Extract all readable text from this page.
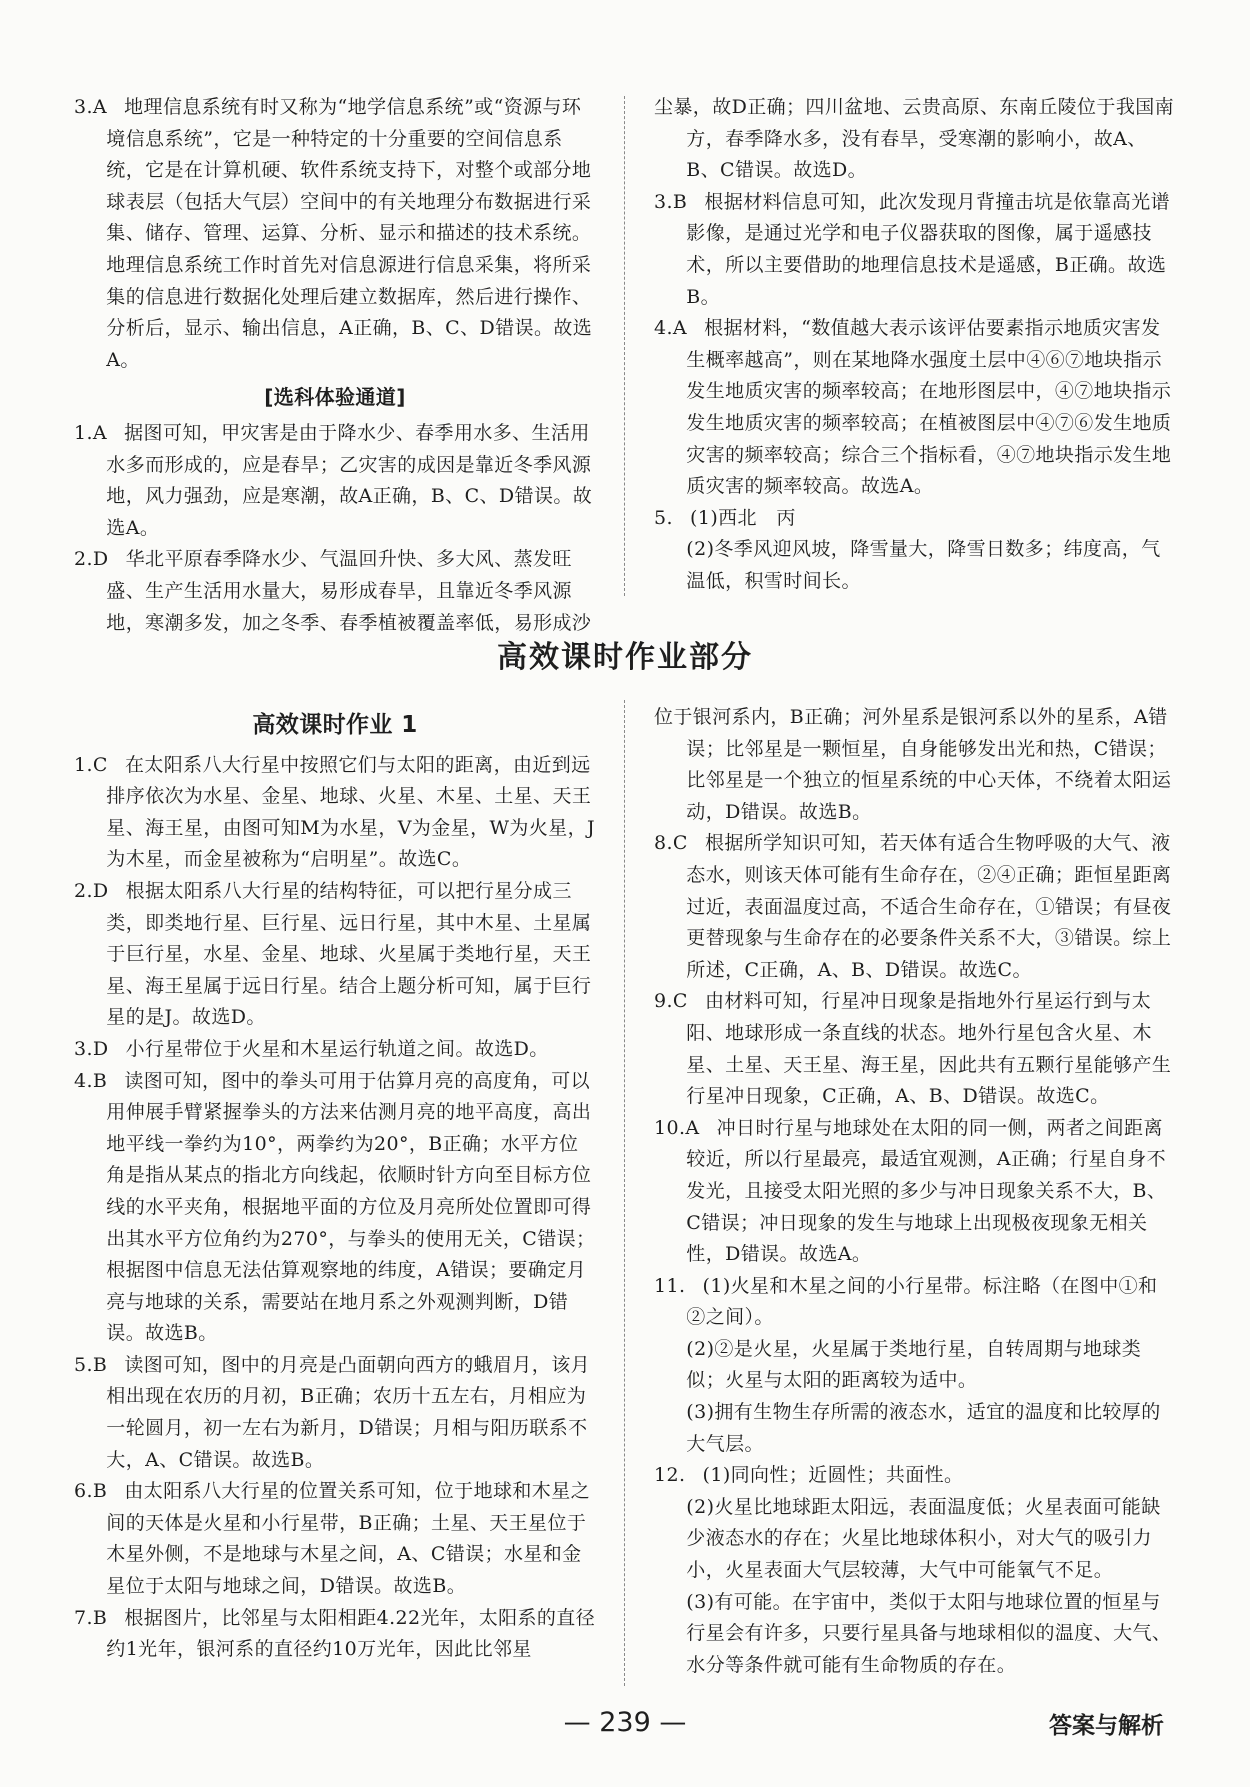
3.A 地理信息系统有时又称为“地学信息系统”或“资源与环境信息系统”，它是一种特定的十分重要的空间信息系统，它是在计算机硬、软件系统支持下，对整个或部分地球表层（包括大气层）空间中的有关地理分布数据进行采集、储存、管理、运算、分析、显示和描述的技术系统。地理信息系统工作时首先对信息源进行信息采集，将所采集的信息进行数据化处理后建立数据库，然后进行操作、分析后，显示、输出信息，A正确，B、C、D错误。故选A。

[选科体验通道]

1.A 据图可知，甲灾害是由于降水少、春季用水多、生活用水多而形成的，应是春旱；乙灾害的成因是靠近冬季风源地，风力强劲，应是寒潮，故A正确，B、C、D错误。故选A。

2.D 华北平原春季降水少、气温回升快、多大风、蒸发旺盛、生产生活用水量大，易形成春旱，且靠近冬季风源地，寒潮多发，加之冬季、春季植被覆盖率低，易形成沙

尘暴，故D正确；四川盆地、云贵高原、东南丘陵位于我国南方，春季降水多，没有春旱，受寒潮的影响小，故A、B、C错误。故选D。

3.B 根据材料信息可知，此次发现月背撞击坑是依靠高光谱影像，是通过光学和电子仪器获取的图像，属于遥感技术，所以主要借助的地理信息技术是遥感，B正确。故选B。

4.A 根据材料，“数值越大表示该评估要素指示地质灾害发生概率越高”，则在某地降水强度土层中④⑥⑦地块指示发生地质灾害的频率较高；在地形图层中，④⑦地块指示发生地质灾害的频率较高；在植被图层中④⑦⑥发生地质灾害的频率较高；综合三个指标看，④⑦地块指示发生地质灾害的频率较高。故选A。

5. (1)西北　丙

(2)冬季风迎风坡，降雪量大，降雪日数多；纬度高，气温低，积雪时间长。

高效课时作业部分
高效课时作业 1

1.C 在太阳系八大行星中按照它们与太阳的距离，由近到远排序依次为水星、金星、地球、火星、木星、土星、天王星、海王星，由图可知M为水星，V为金星，W为火星，J为木星，而金星被称为“启明星”。故选C。

2.D 根据太阳系八大行星的结构特征，可以把行星分成三类，即类地行星、巨行星、远日行星，其中木星、土星属于巨行星，水星、金星、地球、火星属于类地行星，天王星、海王星属于远日行星。结合上题分析可知，属于巨行星的是J。故选D。

3.D 小行星带位于火星和木星运行轨道之间。故选D。

4.B 读图可知，图中的拳头可用于估算月亮的高度角，可以用伸展手臂紧握拳头的方法来估测月亮的地平高度，高出地平线一拳约为10°，两拳约为20°，B正确；水平方位角是指从某点的指北方向线起，依顺时针方向至目标方位线的水平夹角，根据地平面的方位及月亮所处位置即可得出其水平方位角约为270°，与拳头的使用无关，C错误；根据图中信息无法估算观察地的纬度，A错误；要确定月亮与地球的关系，需要站在地月系之外观测判断，D错误。故选B。

5.B 读图可知，图中的月亮是凸面朝向西方的蛾眉月，该月相出现在农历的月初，B正确；农历十五左右，月相应为一轮圆月，初一左右为新月，D错误；月相与阳历联系不大，A、C错误。故选B。

6.B 由太阳系八大行星的位置关系可知，位于地球和木星之间的天体是火星和小行星带，B正确；土星、天王星位于木星外侧，不是地球与木星之间，A、C错误；水星和金星位于太阳与地球之间，D错误。故选B。

7.B 根据图片，比邻星与太阳相距4.22光年，太阳系的直径约1光年，银河系的直径约10万光年，因此比邻星

位于银河系内，B正确；河外星系是银河系以外的星系，A错误；比邻星是一颗恒星，自身能够发出光和热，C错误；比邻星是一个独立的恒星系统的中心天体，不绕着太阳运动，D错误。故选B。

8.C 根据所学知识可知，若天体有适合生物呼吸的大气、液态水，则该天体可能有生命存在，②④正确；距恒星距离过近，表面温度过高，不适合生命存在，①错误；有昼夜更替现象与生命存在的必要条件关系不大，③错误。综上所述，C正确，A、B、D错误。故选C。

9.C 由材料可知，行星冲日现象是指地外行星运行到与太阳、地球形成一条直线的状态。地外行星包含火星、木星、土星、天王星、海王星，因此共有五颗行星能够产生行星冲日现象，C正确，A、B、D错误。故选C。

10.A 冲日时行星与地球处在太阳的同一侧，两者之间距离较近，所以行星最亮，最适宜观测，A正确；行星自身不发光，且接受太阳光照的多少与冲日现象关系不大，B、C错误；冲日现象的发生与地球上出现极夜现象无相关性，D错误。故选A。

11. (1)火星和木星之间的小行星带。标注略（在图中①和②之间）。

(2)②是火星，火星属于类地行星，自转周期与地球类似；火星与太阳的距离较为适中。

(3)拥有生物生存所需的液态水，适宜的温度和比较厚的大气层。

12. (1)同向性；近圆性；共面性。

(2)火星比地球距太阳远，表面温度低；火星表面可能缺少液态水的存在；火星比地球体积小，对大气的吸引力小，火星表面大气层较薄，大气中可能氧气不足。

(3)有可能。在宇宙中，类似于太阳与地球位置的恒星与行星会有许多，只要行星具备与地球相似的温度、大气、水分等条件就可能有生命物质的存在。

— 239 —	答案与解析
